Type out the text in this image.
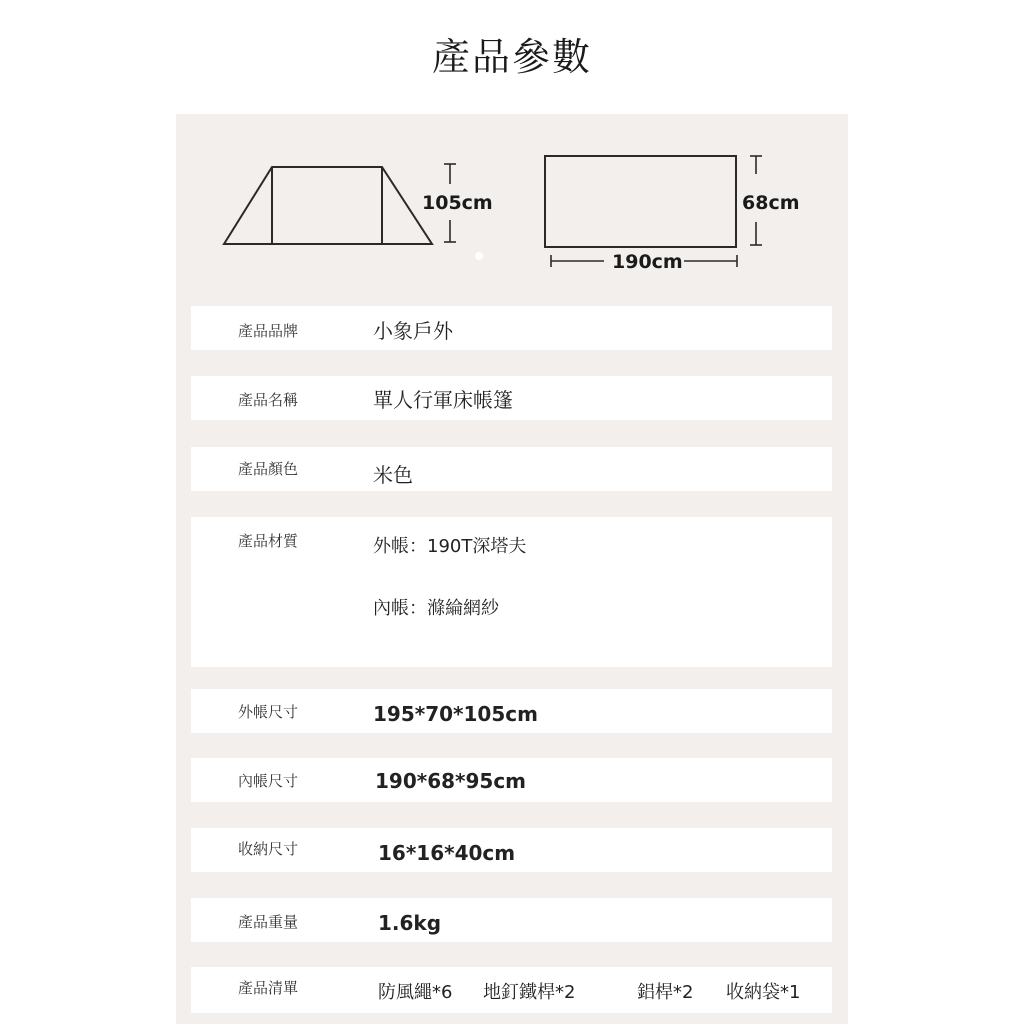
產品參數
105cm	68cm
190cm
產品品牌	小象戶外
產品名稱	單人行軍床帳篷
產品顏色	米色
產品材質	外帳：190T深塔夫
內帳：滌綸網紗
外帳尺寸	195*70*105cm
內帳尺寸	190*68*95cm
收納尺寸	16*16*40cm
產品重量	1.6kg
產品清單	防風繩*6 地釘鐵桿*2	鋁桿*2 收納袋*1
